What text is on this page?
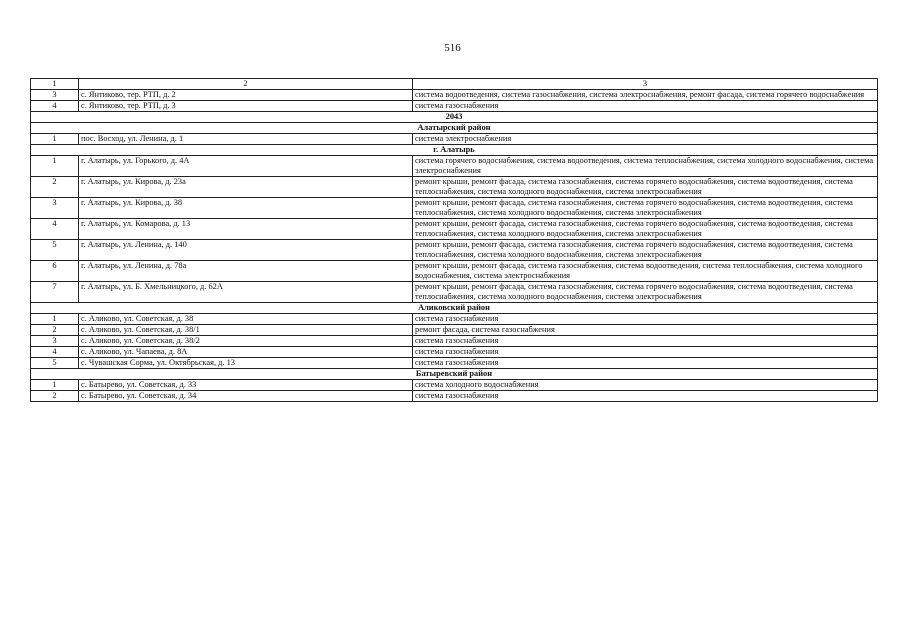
516
1	2	3
3	с. Янтиково, тер. РТП, д. 2	система водоотведения, система газоснабжения, система электроснабжения, ремонт фасада, система горячего водоснабжения
4	с. Янтиково, тер. РТП, д. 3	система газоснабжения
2043		
Алатырский район		
1	пос. Восход, ул. Ленина, д. 1	система электроснабжения
г. Алатырь		
1	г. Алатырь, ул. Горького, д. 4А	система горячего водоснабжения, система водоотведения, система теплоснабжения, система холодного водоснабжения, система электроснабжения
2	г. Алатырь, ул. Кирова, д. 23а	ремонт крыши, ремонт фасада, система газоснабжения, система горячего водоснабжения, система водоотведения, система теплоснабжения, система холодного водоснабжения, система электроснабжения
3	г. Алатырь, ул. Кирова, д. 38	ремонт крыши, ремонт фасада, система газоснабжения, система горячего водоснабжения, система водоотведения, система теплоснабжения, система холодного водоснабжения, система электроснабжения
4	г. Алатырь, ул. Комарова, д. 13	ремонт крыши, ремонт фасада, система газоснабжения, система горячего водоснабжения, система водоотведения, система теплоснабжения, система холодного водоснабжения, система электроснабжения
5	г. Алатырь, ул. Ленина, д. 140	ремонт крыши, ремонт фасада, система газоснабжения, система горячего водоснабжения, система водоотведения, система теплоснабжения, система холодного водоснабжения, система электроснабжения
6	г. Алатырь, ул. Ленина, д. 78а	ремонт крыши, ремонт фасада, система газоснабжения, система водоотведения, система теплоснабжения, система холодного водоснабжения, система электроснабжения
7	г. Алатырь, ул. Б. Хмельницкого, д. 62А	ремонт крыши, ремонт фасада, система газоснабжения, система горячего водоснабжения, система водоотведения, система теплоснабжения, система холодного водоснабжения, система электроснабжения
Аликовский район		
1	с. Аликово, ул. Советская, д. 38	система газоснабжения
2	с. Аликово, ул. Советская, д. 38/1	ремонт фасада, система газоснабжения
3	с. Аликово, ул. Советская, д. 38/2	система газоснабжения
4	с. Аликово, ул. Чапаева, д. 8А	система газоснабжения
5	с. Чувашская Сорма, ул. Октябрьская, д. 13	система газоснабжения
Батыревский район		
1	с. Батырево, ул. Советская, д. 33	система холодного водоснабжения
2	с. Батырево, ул. Советская, д. 34	система газоснабжения
